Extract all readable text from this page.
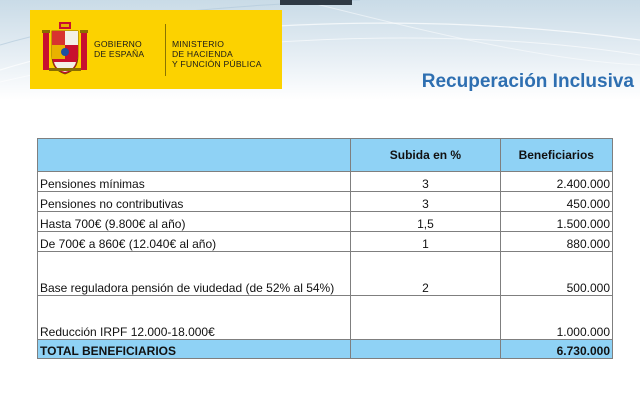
GOBIERNO
DE ESPAÑA
MINISTERIO
DE HACIENDA
Y FUNCIÓN PÚBLICA
Recuperación Inclusiva
	Subida en %	Beneficiarios
Pensiones mínimas	3	2.400.000
Pensiones no contributivas	3	450.000
Hasta 700€ (9.800€ al año)	1,5	1.500.000
De 700€ a 860€ (12.040€ al año)	1	880.000
Base reguladora pensión de viudedad (de 52% al 54%)	2	500.000
Reducción IRPF 12.000-18.000€		1.000.000
TOTAL BENEFICIARIOS		6.730.000
